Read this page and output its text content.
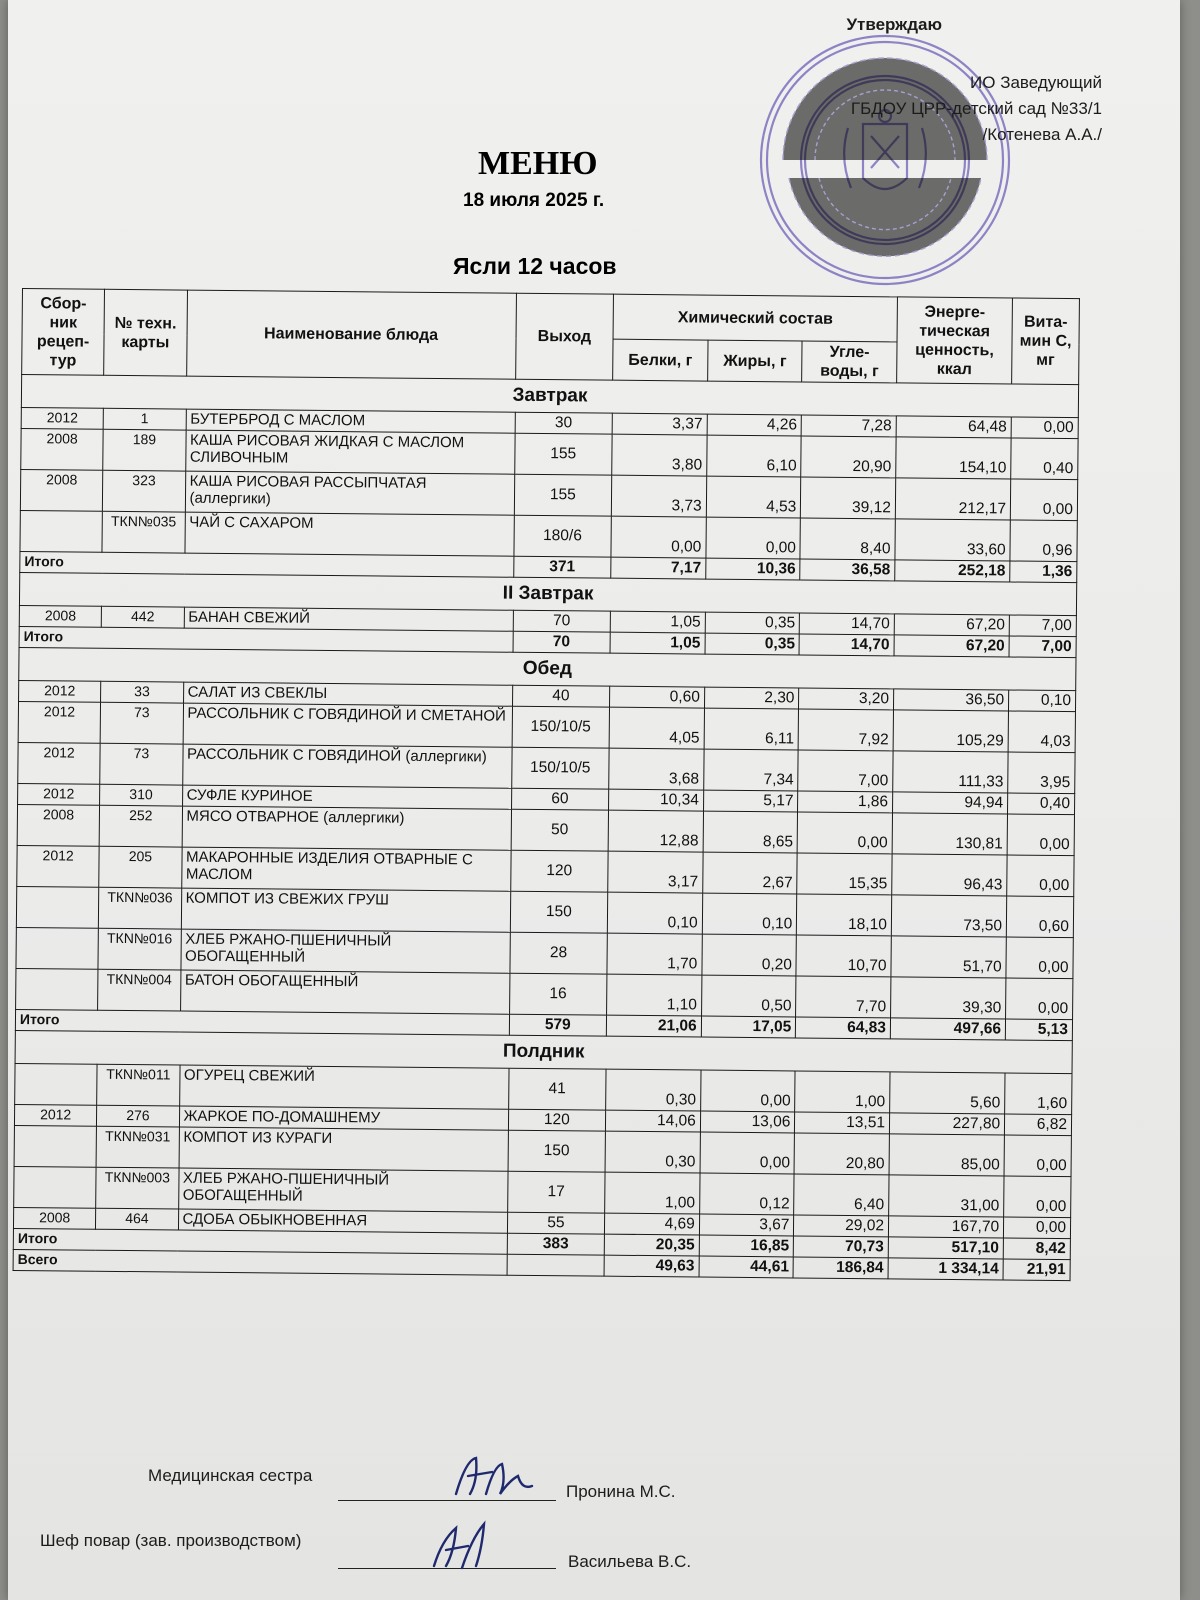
Утверждаю
ИО Заведующий
ГБДОУ ЦРР-детский сад №33/1
/Котенева А.А./
МЕНЮ
18 июля 2025 г.
Ясли 12 часов
Сбор-ник рецеп-тур	№ техн. карты	Наименование блюда	Выход	Химический состав			Энерге-тическая ценность, ккал	Вита-мин С, мг
				Белки, г	Жиры, г	Угле-воды, г		
Завтрак								
2012	1	БУТЕРБРОД С МАСЛОМ	30	3,37	4,26	7,28	64,48	0,00
2008	189	КАША РИСОВАЯ ЖИДКАЯ С МАСЛОМ СЛИВОЧНЫМ	155	3,80	6,10	20,90	154,10	0,40
2008	323	КАША РИСОВАЯ РАССЫПЧАТАЯ (аллергики)	155	3,73	4,53	39,12	212,17	0,00
	ТКN№035	ЧАЙ С САХАРОМ	180/6	0,00	0,00	8,40	33,60	0,96
Итого			371	7,17	10,36	36,58	252,18	1,36
II Завтрак								
2008	442	БАНАН СВЕЖИЙ	70	1,05	0,35	14,70	67,20	7,00
Итого			70	1,05	0,35	14,70	67,20	7,00
Обед								
2012	33	САЛАТ ИЗ СВЕКЛЫ	40	0,60	2,30	3,20	36,50	0,10
2012	73	РАССОЛЬНИК С ГОВЯДИНОЙ И СМЕТАНОЙ	150/10/5	4,05	6,11	7,92	105,29	4,03
2012	73	РАССОЛЬНИК С ГОВЯДИНОЙ (аллергики)	150/10/5	3,68	7,34	7,00	111,33	3,95
2012	310	СУФЛЕ КУРИНОЕ	60	10,34	5,17	1,86	94,94	0,40
2008	252	МЯСО ОТВАРНОЕ (аллергики)	50	12,88	8,65	0,00	130,81	0,00
2012	205	МАКАРОННЫЕ ИЗДЕЛИЯ ОТВАРНЫЕ С МАСЛОМ	120	3,17	2,67	15,35	96,43	0,00
	ТКN№036	КОМПОТ ИЗ СВЕЖИХ ГРУШ	150	0,10	0,10	18,10	73,50	0,60
	ТКN№016	ХЛЕБ РЖАНО-ПШЕНИЧНЫЙ ОБОГАЩЕННЫЙ	28	1,70	0,20	10,70	51,70	0,00
	ТКN№004	БАТОН ОБОГАЩЕННЫЙ	16	1,10	0,50	7,70	39,30	0,00
Итого			579	21,06	17,05	64,83	497,66	5,13
Полдник								
	ТКN№011	ОГУРЕЦ СВЕЖИЙ	41	0,30	0,00	1,00	5,60	1,60
2012	276	ЖАРКОЕ ПО-ДОМАШНЕМУ	120	14,06	13,06	13,51	227,80	6,82
	ТКN№031	КОМПОТ ИЗ КУРАГИ	150	0,30	0,00	20,80	85,00	0,00
	ТКN№003	ХЛЕБ РЖАНО-ПШЕНИЧНЫЙ ОБОГАЩЕННЫЙ	17	1,00	0,12	6,40	31,00	0,00
2008	464	СДОБА ОБЫКНОВЕННАЯ	55	4,69	3,67	29,02	167,70	0,00
Итого			383	20,35	16,85	70,73	517,10	8,42
Всего				49,63	44,61	186,84	1 334,14	21,91
Медицинская сестра
Пронина М.С.
Шеф повар (зав. производством)
Васильева В.С.
